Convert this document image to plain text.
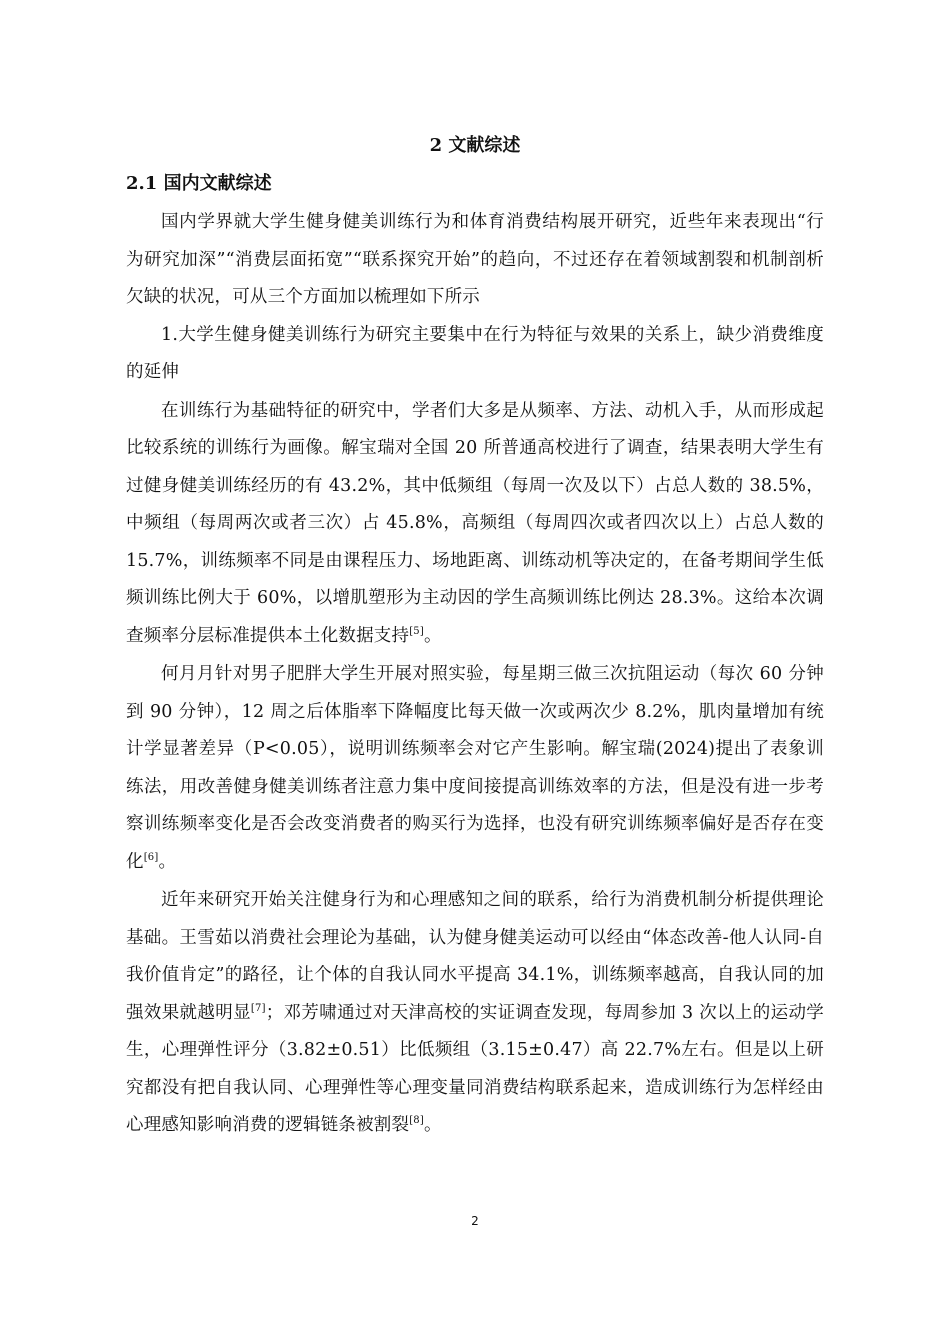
2 文献综述
2.1 国内文献综述

国内学界就大学生健身健美训练行为和体育消费结构展开研究，近些年来表现出“行为研究加深”“消费层面拓宽”“联系探究开始”的趋向，不过还存在着领域割裂和机制剖析欠缺的状况，可从三个方面加以梳理如下所示

1.大学生健身健美训练行为研究主要集中在行为特征与效果的关系上，缺少消费维度的延伸

在训练行为基础特征的研究中，学者们大多是从频率、方法、动机入手，从而形成起比较系统的训练行为画像。解宝瑞对全国 20 所普通高校进行了调查，结果表明大学生有过健身健美训练经历的有 43.2%，其中低频组（每周一次及以下）占总人数的 38.5%，中频组（每周两次或者三次）占 45.8%，高频组（每周四次或者四次以上）占总人数的 15.7%，训练频率不同是由课程压力、场地距离、训练动机等决定的，在备考期间学生低频训练比例大于 60%，以增肌塑形为主动因的学生高频训练比例达 28.3%。这给本次调查频率分层标准提供本土化数据支持[5]。

何月月针对男子肥胖大学生开展对照实验，每星期三做三次抗阻运动（每次 60 分钟到 90 分钟），12 周之后体脂率下降幅度比每天做一次或两次少 8.2%，肌肉量增加有统计学显著差异（P<0.05），说明训练频率会对它产生影响。解宝瑞(2024)提出了表象训练法，用改善健身健美训练者注意力集中度间接提高训练效率的方法，但是没有进一步考察训练频率变化是否会改变消费者的购买行为选择，也没有研究训练频率偏好是否存在变化[6]。

近年来研究开始关注健身行为和心理感知之间的联系，给行为消费机制分析提供理论基础。王雪茹以消费社会理论为基础，认为健身健美运动可以经由“体态改善-他人认同-自我价值肯定”的路径，让个体的自我认同水平提高 34.1%，训练频率越高，自我认同的加强效果就越明显[7]；邓芳啸通过对天津高校的实证调查发现，每周参加 3 次以上的运动学生，心理弹性评分（3.82±0.51）比低频组（3.15±0.47）高 22.7%左右。但是以上研究都没有把自我认同、心理弹性等心理变量同消费结构联系起来，造成训练行为怎样经由心理感知影响消费的逻辑链条被割裂[8]。

2
